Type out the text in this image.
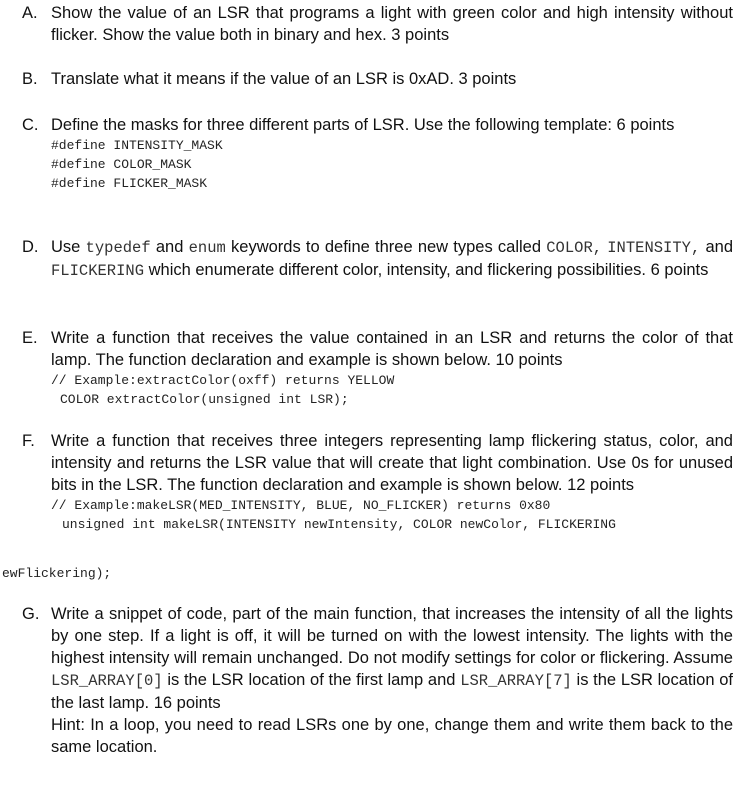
A. Show the value of an LSR that programs a light with green color and high intensity without flicker. Show the value both in binary and hex. 3 points
B. Translate what it means if the value of an LSR is 0xAD. 3 points
C. Define the masks for three different parts of LSR. Use the following template: 6 points
#define INTENSITY_MASK
#define COLOR_MASK
#define FLICKER_MASK
D. Use typedef and enum keywords to define three new types called COLOR, INTENSITY, and FLICKERING which enumerate different color, intensity, and flickering possibilities. 6 points
E. Write a function that receives the value contained in an LSR and returns the color of that lamp. The function declaration and example is shown below. 10 points
// Example:extractColor(oxff) returns YELLOW
COLOR extractColor(unsigned int LSR);
F. Write a function that receives three integers representing lamp flickering status, color, and intensity and returns the LSR value that will create that light combination. Use 0s for unused bits in the LSR. The function declaration and example is shown below. 12 points
// Example:makeLSR(MED_INTENSITY, BLUE, NO_FLICKER) returns 0x80
unsigned int makeLSR(INTENSITY newIntensity, COLOR newColor, FLICKERING
ewFlickering);
G. Write a snippet of code, part of the main function, that increases the intensity of all the lights by one step. If a light is off, it will be turned on with the lowest intensity. The lights with the highest intensity will remain unchanged. Do not modify settings for color or flickering. Assume LSR_ARRAY[0] is the LSR location of the first lamp and LSR_ARRAY[7] is the LSR location of the last lamp. 16 points
Hint: In a loop, you need to read LSRs one by one, change them and write them back to the same location.
